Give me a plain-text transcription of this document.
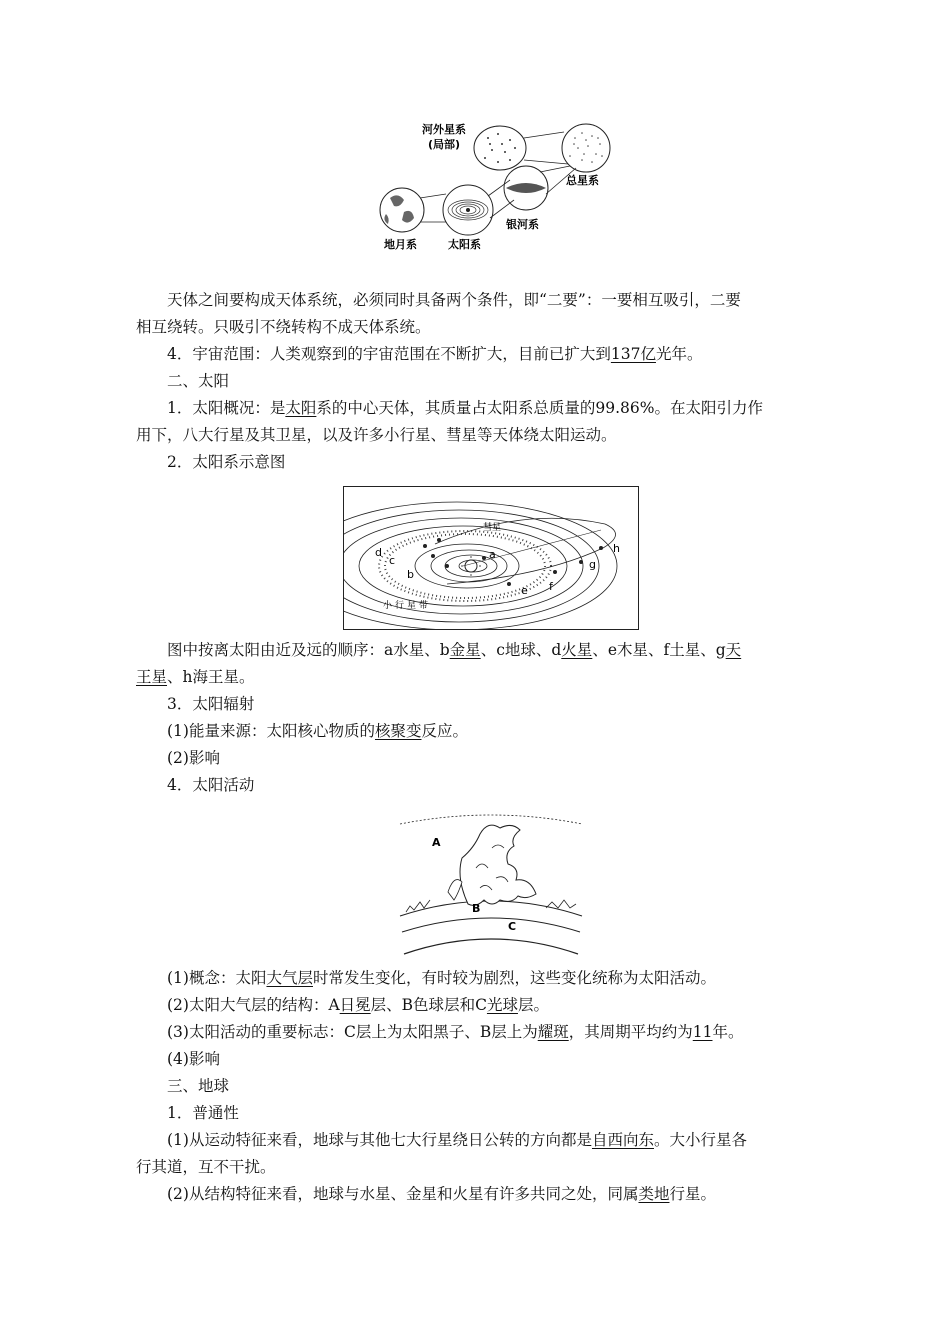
河外星系
(局部)
总星系
银河系
地月系	太阳系

天体之间要构成天体系统，必须同时具备两个条件，即“二要”：一要相互吸引，二要

相互绕转。只吸引不绕转构不成天体系统。

4．宇宙范围：人类观察到的宇宙范围在不断扩大，目前已扩大到137亿光年。

二、太阳

1．太阳概况：是太阳系的中心天体，其质量占太阳系总质量的99.86%。在太阳引力作

用下，八大行星及其卫星，以及许多小行星、彗星等天体绕太阳运动。

2．太阳系示意图

a
b
c
d
e f
g
h
彗星
小行星带

图中按离太阳由近及远的顺序：a水星、b金星、c地球、d火星、e木星、f土星、g天

王星、h海王星。

3．太阳辐射

(1)能量来源：太阳核心物质的核聚变反应。

(2)影响

4．太阳活动

A
B
C

(1)概念：太阳大气层时常发生变化，有时较为剧烈，这些变化统称为太阳活动。

(2)太阳大气层的结构：A日冕层、B色球层和C光球层。

(3)太阳活动的重要标志：C层上为太阳黑子、B层上为耀斑，其周期平均约为11年。

(4)影响

三、地球

1．普通性

(1)从运动特征来看，地球与其他七大行星绕日公转的方向都是自西向东。大小行星各

行其道，互不干扰。

(2)从结构特征来看，地球与水星、金星和火星有许多共同之处，同属类地行星。
